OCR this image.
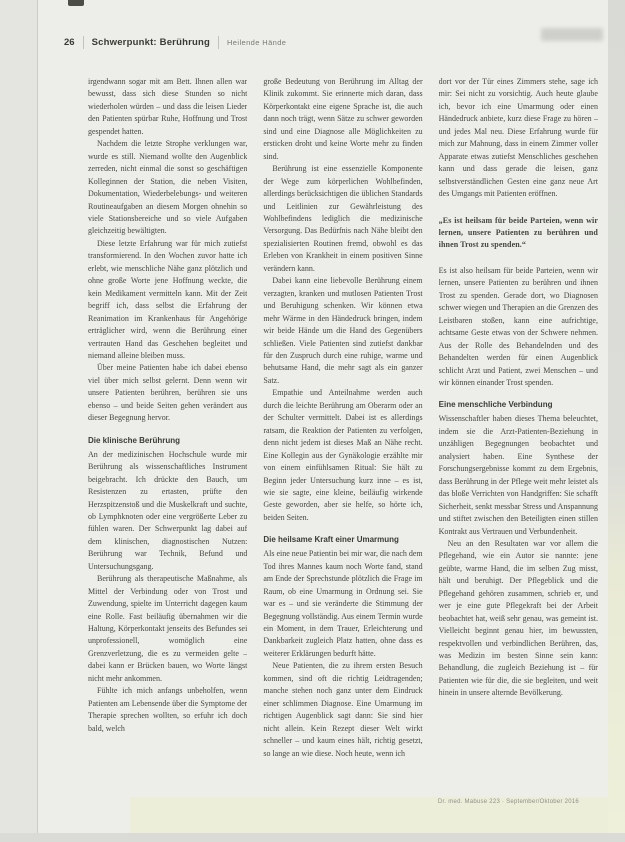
26 Schwerpunkt: Berührung Heilende Hände

irgendwann sogar mit am Bett. Ihnen allen war bewusst, dass sich diese Stunden so nicht wiederholen würden – und dass die leisen Lieder den Patienten spürbar Ruhe, Hoffnung und Trost gespendet hatten.

Nachdem die letzte Strophe verklungen war, wurde es still. Niemand wollte den Augenblick zerreden, nicht einmal die sonst so geschäftigen Kolleginnen der Station, die neben Visiten, Dokumentation, Wiederbelebungs- und weiteren Routineaufgaben an diesem Morgen ohnehin so viele Stationsbereiche und so viele Aufgaben gleichzeitig bewältigten.

Diese letzte Erfahrung war für mich zutiefst transformierend. In den Wochen zuvor hatte ich erlebt, wie menschliche Nähe ganz plötzlich und ohne große Worte jene Hoffnung weckte, die kein Medikament vermitteln kann. Mit der Zeit begriff ich, dass selbst die Erfahrung der Reanimation im Krankenhaus für Angehörige erträglicher wird, wenn die Berührung einer vertrauten Hand das Geschehen begleitet und niemand alleine bleiben muss.

Über meine Patienten habe ich dabei ebenso viel über mich selbst gelernt. Denn wenn wir unsere Patienten berühren, berühren sie uns ebenso – und beide Seiten gehen verändert aus dieser Begegnung hervor.

Die klinische Berührung

An der medizinischen Hochschule wurde mir Berührung als wissenschaftliches Instrument beigebracht. Ich drückte den Bauch, um Resistenzen zu ertasten, prüfte den Herzspitzenstoß und die Muskelkraft und suchte, ob Lymphknoten oder eine vergrößerte Leber zu fühlen waren. Der Schwerpunkt lag dabei auf dem klinischen, diagnostischen Nutzen: Berührung war Technik, Befund und Untersuchungsgang.

Berührung als therapeutische Maßnahme, als Mittel der Verbindung oder von Trost und Zuwendung, spielte im Unterricht dagegen kaum eine Rolle. Fast beiläufig übernahmen wir die Haltung, Körperkontakt jenseits des Befundes sei unprofessionell, womöglich eine Grenzverletzung, die es zu vermeiden gelte – dabei kann er Brücken bauen, wo Worte längst nicht mehr ankommen.

Fühlte ich mich anfangs unbeholfen, wenn Patienten am Lebensende über die Symptome der Therapie sprechen wollten, so erfuhr ich doch bald, welch

große Bedeutung von Berührung im Alltag der Klinik zukommt. Sie erinnerte mich daran, dass Körperkontakt eine eigene Sprache ist, die auch dann noch trägt, wenn Sätze zu schwer geworden sind und eine Diagnose alle Möglichkeiten zu ersticken droht und keine Worte mehr zu finden sind.

Berührung ist eine essenzielle Komponente der Wege zum körperlichen Wohlbefinden, allerdings berücksichtigen die üblichen Standards und Leitlinien zur Gewährleistung des Wohlbefindens lediglich die medizinische Versorgung. Das Bedürfnis nach Nähe bleibt den spezialisierten Routinen fremd, obwohl es das Erleben von Krankheit in einem positiven Sinne verändern kann.

Dabei kann eine liebevolle Berührung einem verzagten, kranken und mutlosen Patienten Trost und Beruhigung schenken. Wir können etwa mehr Wärme in den Händedruck bringen, indem wir beide Hände um die Hand des Gegenübers schließen. Viele Patienten sind zutiefst dankbar für den Zuspruch durch eine ruhige, warme und behutsame Hand, die mehr sagt als ein ganzer Satz.

Empathie und Anteilnahme werden auch durch die leichte Berührung am Oberarm oder an der Schulter vermittelt. Dabei ist es allerdings ratsam, die Reaktion der Patienten zu verfolgen, denn nicht jedem ist dieses Maß an Nähe recht. Eine Kollegin aus der Gynäkologie erzählte mir von einem einfühlsamen Ritual: Sie hält zu Beginn jeder Untersuchung kurz inne – es ist, wie sie sagte, eine kleine, beiläufig wirkende Geste geworden, aber sie helfe, so hörte ich, beiden Seiten.

Die heilsame Kraft einer Umarmung

Als eine neue Patientin bei mir war, die nach dem Tod ihres Mannes kaum noch Worte fand, stand am Ende der Sprechstunde plötzlich die Frage im Raum, ob eine Umarmung in Ordnung sei. Sie war es – und sie veränderte die Stimmung der Begegnung vollständig. Aus einem Termin wurde ein Moment, in dem Trauer, Erleichterung und Dankbarkeit zugleich Platz hatten, ohne dass es weiterer Erklärungen bedurft hätte.

Neue Patienten, die zu ihrem ersten Besuch kommen, sind oft die richtig Leidtragenden; manche stehen noch ganz unter dem Eindruck einer schlimmen Diagnose. Eine Umarmung im richtigen Augenblick sagt dann: Sie sind hier nicht allein. Kein Rezept dieser Welt wirkt schneller – und kaum eines hält, richtig gesetzt, so lange an wie diese. Noch heute, wenn ich

dort vor der Tür eines Zimmers stehe, sage ich mir: Sei nicht zu vorsichtig. Auch heute glaube ich, bevor ich eine Umarmung oder einen Händedruck anbiete, kurz diese Frage zu hören – und jedes Mal neu. Diese Erfahrung wurde für mich zur Mahnung, dass in einem Zimmer voller Apparate etwas zutiefst Menschliches geschehen kann und dass gerade die leisen, ganz selbstverständlichen Gesten eine ganz neue Art des Umgangs mit Patienten eröffnen.

„Es ist heilsam für beide Parteien, wenn wir lernen, unsere Patienten zu berühren und ihnen Trost zu spenden.“

Es ist also heilsam für beide Parteien, wenn wir lernen, unsere Patienten zu berühren und ihnen Trost zu spenden. Gerade dort, wo Diagnosen schwer wiegen und Therapien an die Grenzen des Leistbaren stoßen, kann eine aufrichtige, achtsame Geste etwas von der Schwere nehmen. Aus der Rolle des Behandelnden und des Behandelten werden für einen Augenblick schlicht Arzt und Patient, zwei Menschen – und wir können einander Trost spenden.

Eine menschliche Verbindung

Wissenschaftler haben dieses Thema beleuchtet, indem sie die Arzt-Patienten-Beziehung in unzähligen Begegnungen beobachtet und analysiert haben. Eine Synthese der Forschungsergebnisse kommt zu dem Ergebnis, dass Berührung in der Pflege weit mehr leistet als das bloße Verrichten von Handgriffen: Sie schafft Sicherheit, senkt messbar Stress und Anspannung und stiftet zwischen den Beteiligten einen stillen Kontrakt aus Vertrauen und Verbundenheit.

Neu an den Resultaten war vor allem die Pflegehand, wie ein Autor sie nannte: jene geübte, warme Hand, die im selben Zug misst, hält und beruhigt. Der Pflegeblick und die Pflegehand gehören zusammen, schrieb er, und wer je eine gute Pflegekraft bei der Arbeit beobachtet hat, weiß sehr genau, was gemeint ist. Vielleicht beginnt genau hier, im bewussten, respektvollen und verbindlichen Berühren, das, was Medizin im besten Sinne sein kann: Behandlung, die zugleich Beziehung ist – für Patienten wie für die, die sie begleiten, und weit hinein in unsere alternde Bevölkerung.

Dr. med. Mabuse 223 · September/Oktober 2016
